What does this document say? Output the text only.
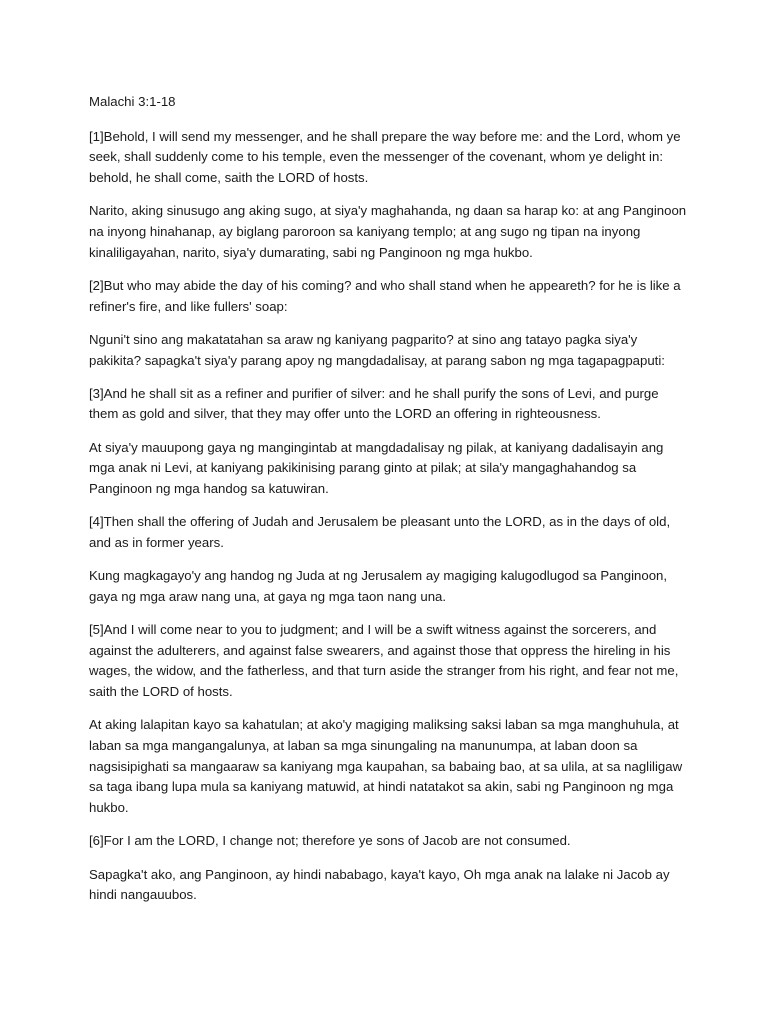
Malachi 3:1-18

[1]Behold, I will send my messenger, and he shall prepare the way before me: and the Lord, whom ye seek, shall suddenly come to his temple, even the messenger of the covenant, whom ye delight in: behold, he shall come, saith the LORD of hosts.

Narito, aking sinusugo ang aking sugo, at siya'y maghahanda, ng daan sa harap ko: at ang Panginoon na inyong hinahanap, ay biglang paroroon sa kaniyang templo; at ang sugo ng tipan na inyong kinaliligayahan, narito, siya'y dumarating, sabi ng Panginoon ng mga hukbo.

[2]But who may abide the day of his coming? and who shall stand when he appeareth? for he is like a refiner's fire, and like fullers' soap:

Nguni't sino ang makatatahan sa araw ng kaniyang pagparito? at sino ang tatayo pagka siya'y pakikita? sapagka't siya'y parang apoy ng mangdadalisay, at parang sabon ng mga tagapagpaputi:

[3]And he shall sit as a refiner and purifier of silver: and he shall purify the sons of Levi, and purge them as gold and silver, that they may offer unto the LORD an offering in righteousness.

At siya'y mauupong gaya ng mangingintab at mangdadalisay ng pilak, at kaniyang dadalisayin ang mga anak ni Levi, at kaniyang pakikinising parang ginto at pilak; at sila'y mangaghahandog sa Panginoon ng mga handog sa katuwiran.

[4]Then shall the offering of Judah and Jerusalem be pleasant unto the LORD, as in the days of old, and as in former years.

Kung magkagayo'y ang handog ng Juda at ng Jerusalem ay magiging kalugodlugod sa Panginoon, gaya ng mga araw nang una, at gaya ng mga taon nang una.

[5]And I will come near to you to judgment; and I will be a swift witness against the sorcerers, and against the adulterers, and against false swearers, and against those that oppress the hireling in his wages, the widow, and the fatherless, and that turn aside the stranger from his right, and fear not me, saith the LORD of hosts.

At aking lalapitan kayo sa kahatulan; at ako'y magiging maliksing saksi laban sa mga manghuhula, at laban sa mga mangangalunya, at laban sa mga sinungaling na manunumpa, at laban doon sa nagsisipighati sa mangaaraw sa kaniyang mga kaupahan, sa babaing bao, at sa ulila, at sa nagliligaw sa taga ibang lupa mula sa kaniyang matuwid, at hindi natatakot sa akin, sabi ng Panginoon ng mga hukbo.

[6]For I am the LORD, I change not; therefore ye sons of Jacob are not consumed.

Sapagka't ako, ang Panginoon, ay hindi nababago, kaya't kayo, Oh mga anak na lalake ni Jacob ay hindi nangauubos.
